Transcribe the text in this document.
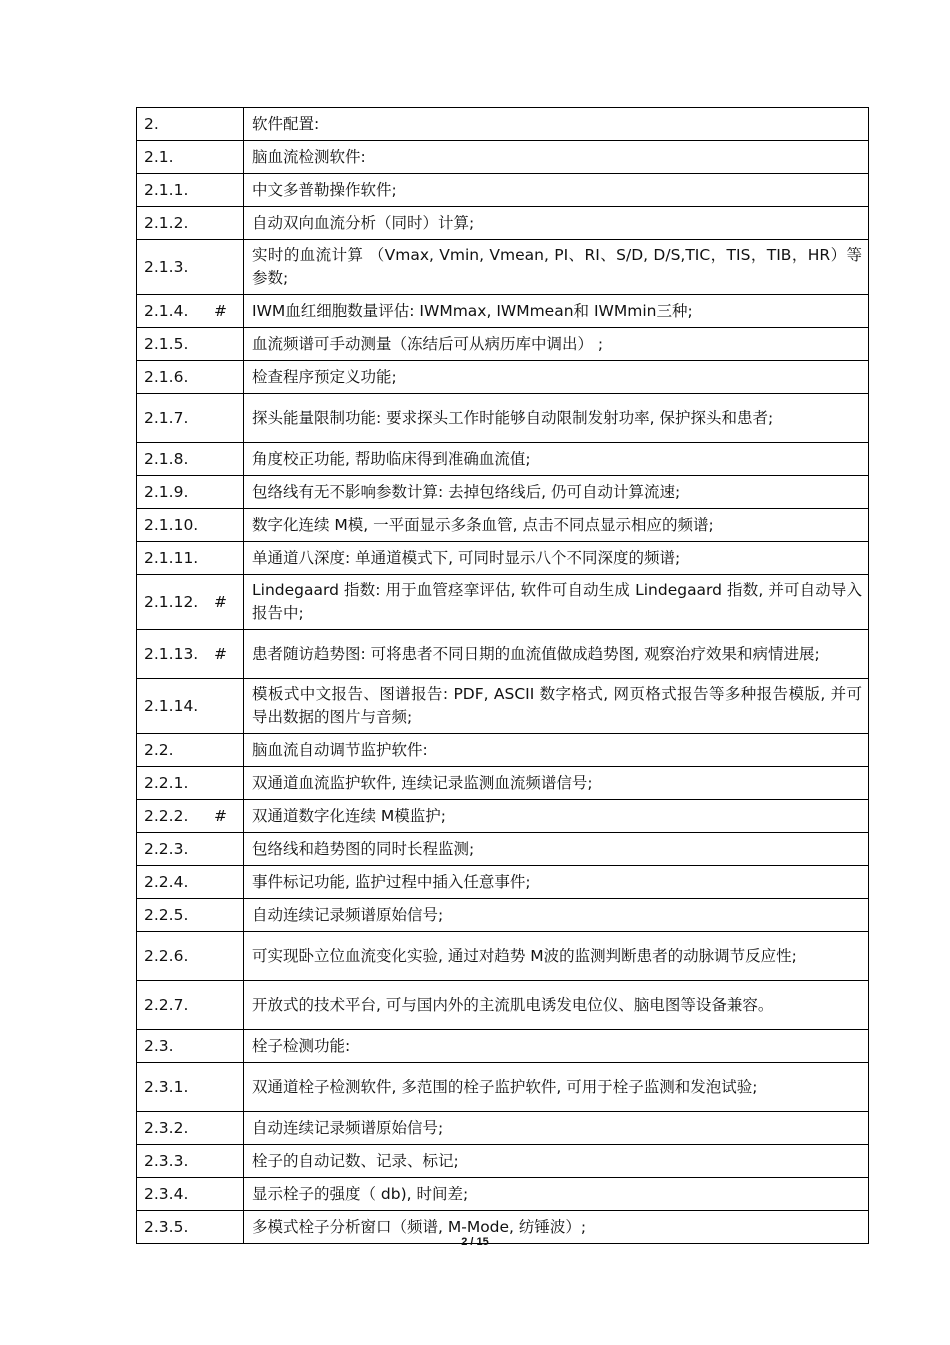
2.	软件配置:

2.1.	脑血流检测软件:

2.1.1.	中文多普勒操作软件;

2.1.2.	自动双向血流分析（同时）计算;

2.1.3.	实时的血流计算 （Vmax, Vmin, Vmean, PI、RI、S/D, D/S,TIC，TIS，TIB，HR）等参数;

2.1.4. #	IWM血红细胞数量评估: IWMmax, IWMmean和 IWMmin三种;

2.1.5.	血流频谱可手动测量（冻结后可从病历库中调出） ;

2.1.6.	检查程序预定义功能;

2.1.7.	探头能量限制功能: 要求探头工作时能够自动限制发射功率, 保护探头和患者;

2.1.8.	角度校正功能, 帮助临床得到准确血流值;

2.1.9.	包络线有无不影响参数计算: 去掉包络线后, 仍可自动计算流速;

2.1.10.	数字化连续 M模, 一平面显示多条血管, 点击不同点显示相应的频谱;

2.1.11.	单通道八深度: 单通道模式下, 可同时显示八个不同深度的频谱;

2.1.12. #	Lindegaard 指数: 用于血管痉挛评估, 软件可自动生成 Lindegaard 指数, 并可自动导入报告中;

2.1.13. #	患者随访趋势图: 可将患者不同日期的血流值做成趋势图, 观察治疗效果和病情进展;

2.1.14.	模板式中文报告、图谱报告: PDF, ASCII 数字格式, 网页格式报告等多种报告模版, 并可导出数据的图片与音频;

2.2.	脑血流自动调节监护软件:

2.2.1.	双通道血流监护软件, 连续记录监测血流频谱信号;

2.2.2. #	双通道数字化连续 M模监护;

2.2.3.	包络线和趋势图的同时长程监测;

2.2.4.	事件标记功能, 监护过程中插入任意事件;

2.2.5.	自动连续记录频谱原始信号;

2.2.6.	可实现卧立位血流变化实验, 通过对趋势 M波的监测判断患者的动脉调节反应性;

2.2.7.	开放式的技术平台, 可与国内外的主流肌电诱发电位仪、脑电图等设备兼容。

2.3.	栓子检测功能:

2.3.1.	双通道栓子检测软件, 多范围的栓子监护软件, 可用于栓子监测和发泡试验;

2.3.2.	自动连续记录频谱原始信号;

2.3.3.	栓子的自动记数、记录、标记;

2.3.4.	显示栓子的强度（ db), 时间差;

2.3.5.	多模式栓子分析窗口（频谱, M-Mode, 纺锤波）;
2 / 15
